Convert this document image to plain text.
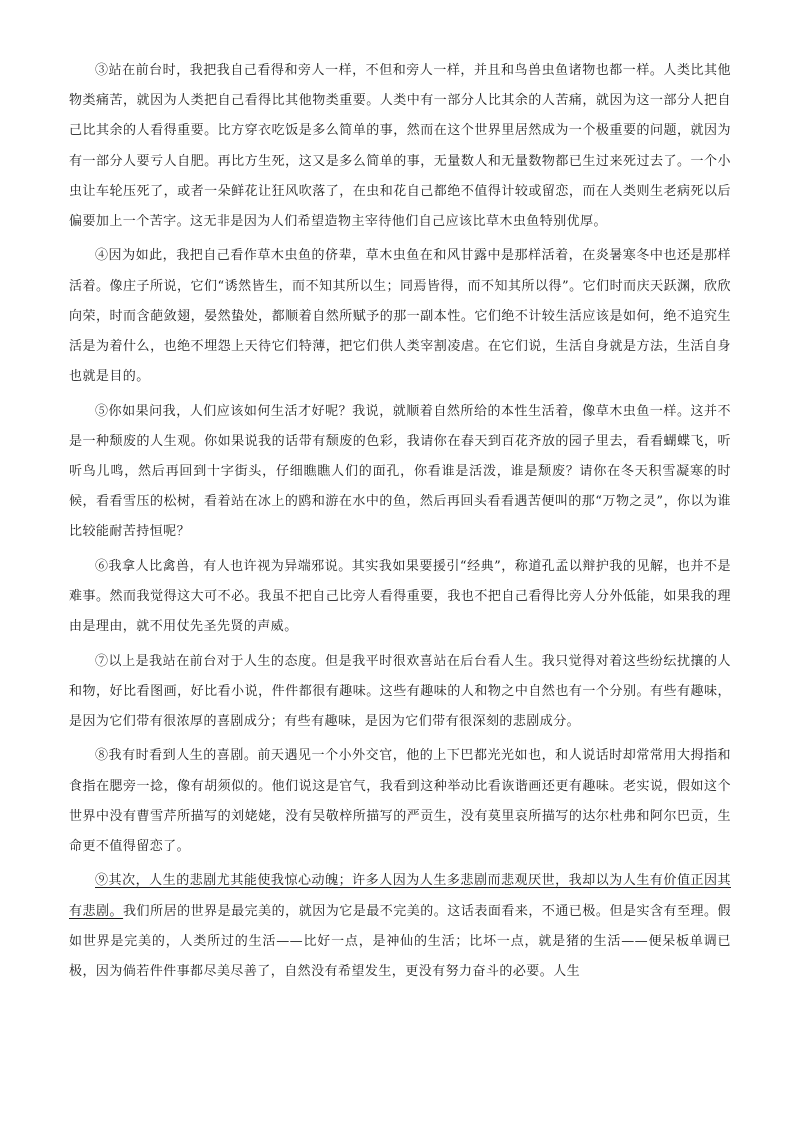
③站在前台时，我把我自己看得和旁人一样，不但和旁人一样，并且和鸟兽虫鱼诸物也都一样。人类比其他物类痛苦，就因为人类把自己看得比其他物类重要。人类中有一部分人比其余的人苦痛，就因为这一部分人把自己比其余的人看得重要。比方穿衣吃饭是多么简单的事，然而在这个世界里居然成为一个极重要的问题，就因为有一部分人要亏人自肥。再比方生死，这又是多么简单的事，无量数人和无量数物都已生过来死过去了。一个小虫让车轮压死了，或者一朵鲜花让狂风吹落了，在虫和花自己都绝不值得计较或留恋，而在人类则生老病死以后偏要加上一个苦字。这无非是因为人们希望造物主宰待他们自己应该比草木虫鱼特别优厚。

④因为如此，我把自己看作草木虫鱼的侪辈，草木虫鱼在和风甘露中是那样活着，在炎暑寒冬中也还是那样活着。像庄子所说，它们“诱然皆生，而不知其所以生；同焉皆得，而不知其所以得”。它们时而庆天跃渊，欣欣向荣，时而含葩敛翅，晏然蛰处，都顺着自然所赋予的那一副本性。它们绝不计较生活应该是如何，绝不追究生活是为着什么，也绝不埋怨上天待它们特薄，把它们供人类宰割凌虐。在它们说，生活自身就是方法，生活自身也就是目的。

⑤你如果问我，人们应该如何生活才好呢？我说，就顺着自然所给的本性生活着，像草木虫鱼一样。这并不是一种颓废的人生观。你如果说我的话带有颓废的色彩，我请你在春天到百花齐放的园子里去，看看蝴蝶飞，听听鸟儿鸣，然后再回到十字街头，仔细瞧瞧人们的面孔，你看谁是活泼，谁是颓废？请你在冬天积雪凝寒的时候，看看雪压的松树，看着站在冰上的鸥和游在水中的鱼，然后再回头看看遇苦便叫的那“万物之灵”，你以为谁比较能耐苦持恒呢？

⑥我拿人比禽兽，有人也许视为异端邪说。其实我如果要援引“经典”，称道孔孟以辩护我的见解，也并不是难事。然而我觉得这大可不必。我虽不把自己比旁人看得重要，我也不把自己看得比旁人分外低能，如果我的理由是理由，就不用仗先圣先贤的声威。

⑦以上是我站在前台对于人生的态度。但是我平时很欢喜站在后台看人生。我只觉得对着这些纷纭扰攘的人和物，好比看图画，好比看小说，件件都很有趣味。这些有趣味的人和物之中自然也有一个分别。有些有趣味，是因为它们带有很浓厚的喜剧成分；有些有趣味，是因为它们带有很深刻的悲剧成分。

⑧我有时看到人生的喜剧。前天遇见一个小外交官，他的上下巴都光光如也，和人说话时却常常用大拇指和食指在腮旁一捻，像有胡须似的。他们说这是官气，我看到这种举动比看诙谐画还更有趣味。老实说，假如这个世界中没有曹雪芹所描写的刘姥姥，没有吴敬梓所描写的严贡生，没有莫里哀所描写的达尔杜弗和阿尔巴贡，生命更不值得留恋了。

⑨其次，人生的悲剧尤其能使我惊心动魄；许多人因为人生多悲剧而悲观厌世，我却以为人生有价值正因其有悲剧。我们所居的世界是最完美的，就因为它是最不完美的。这话表面看来，不通已极。但是实含有至理。假如世界是完美的，人类所过的生活——比好一点，是神仙的生活；比坏一点，就是猪的生活——便呆板单调已极，因为倘若件件事都尽美尽善了，自然没有希望发生，更没有努力奋斗的必要。人生
